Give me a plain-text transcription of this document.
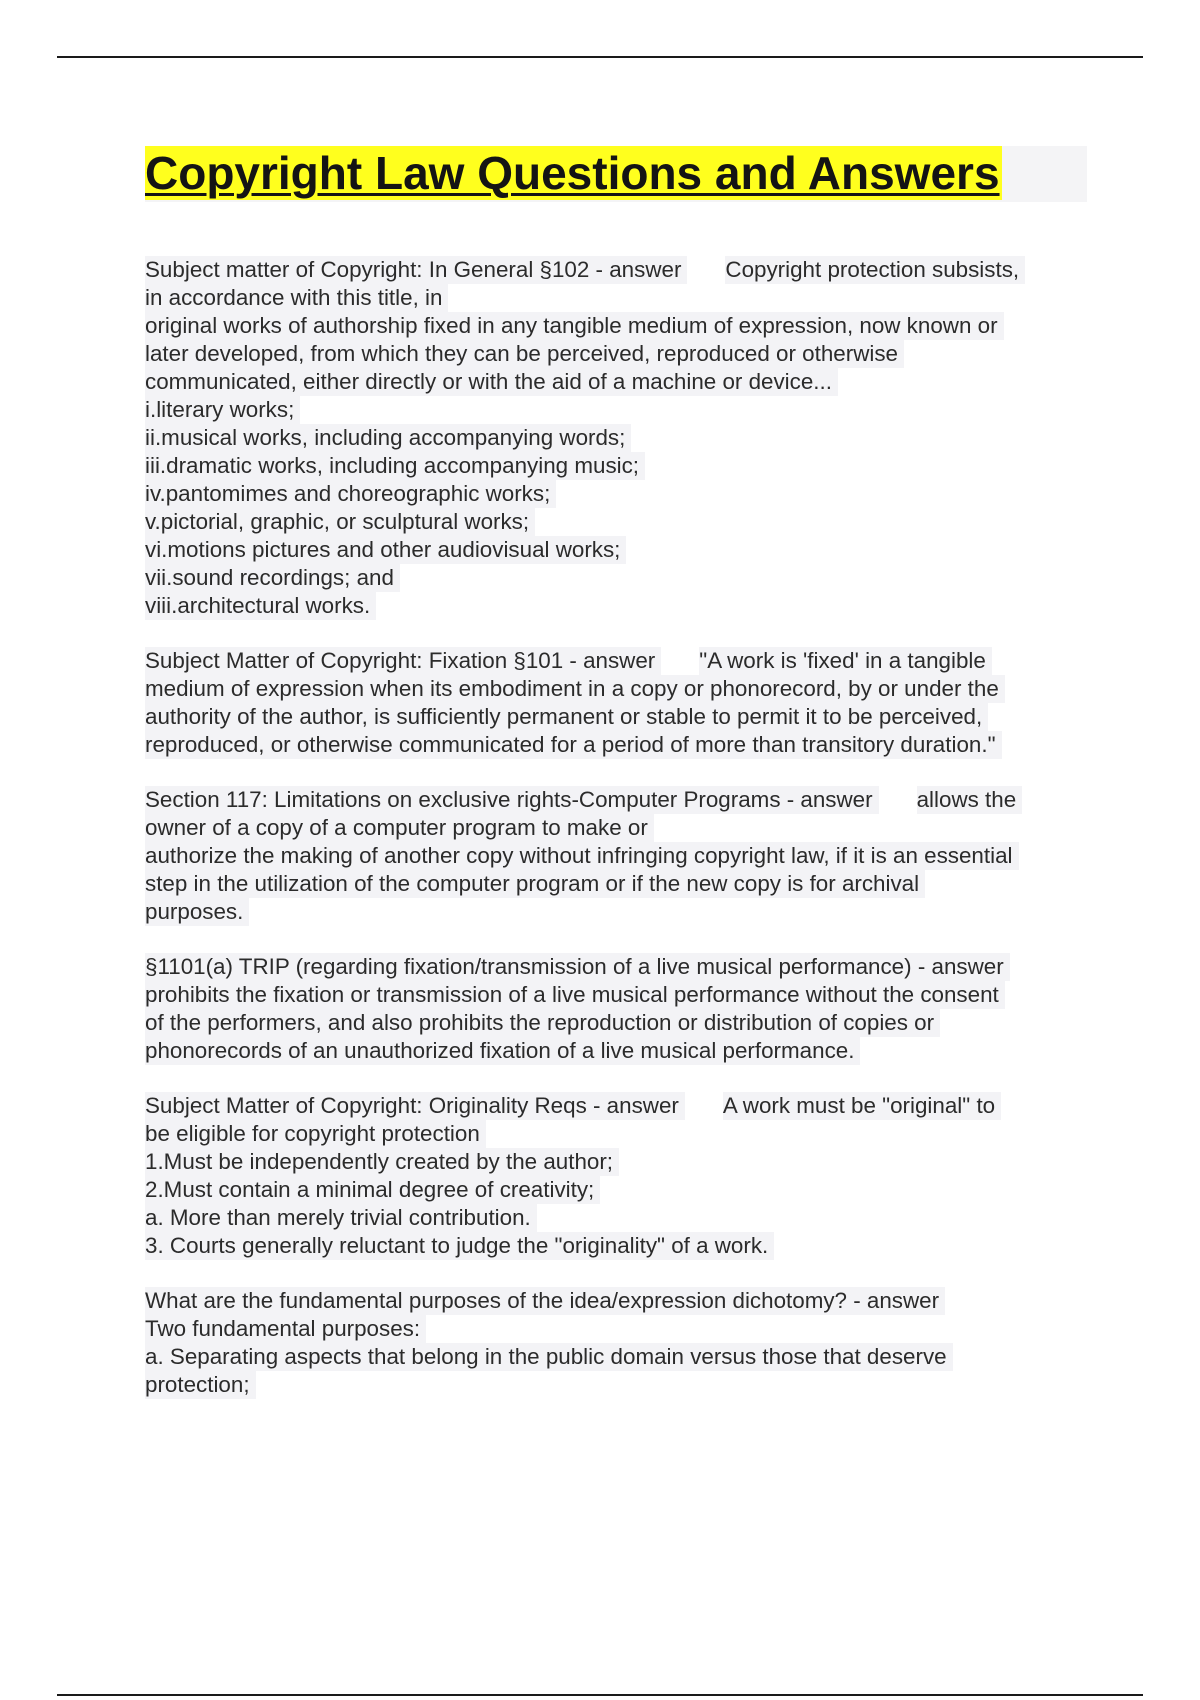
Copyright Law Questions and Answers
Subject matter of Copyright: In General §102 - answer Copyright protection subsists,
in accordance with this title, in
original works of authorship fixed in any tangible medium of expression, now known or
later developed, from which they can be perceived, reproduced or otherwise
communicated, either directly or with the aid of a machine or device...
i.literary works;
ii.musical works, including accompanying words;
iii.dramatic works, including accompanying music;
iv.pantomimes and choreographic works;
v.pictorial, graphic, or sculptural works;
vi.motions pictures and other audiovisual works;
vii.sound recordings; and
viii.architectural works.
Subject Matter of Copyright: Fixation §101 - answer "A work is 'fixed' in a tangible
medium of expression when its embodiment in a copy or phonorecord, by or under the
authority of the author, is sufficiently permanent or stable to permit it to be perceived,
reproduced, or otherwise communicated for a period of more than transitory duration."
Section 117: Limitations on exclusive rights-Computer Programs - answer allows the
owner of a copy of a computer program to make or
authorize the making of another copy without infringing copyright law, if it is an essential
step in the utilization of the computer program or if the new copy is for archival
purposes.
§1101(a) TRIP (regarding fixation/transmission of a live musical performance) - answer
prohibits the fixation or transmission of a live musical performance without the consent
of the performers, and also prohibits the reproduction or distribution of copies or
phonorecords of an unauthorized fixation of a live musical performance.
Subject Matter of Copyright: Originality Reqs - answer A work must be "original" to
be eligible for copyright protection
1.Must be independently created by the author;
2.Must contain a minimal degree of creativity;
a. More than merely trivial contribution.
3. Courts generally reluctant to judge the "originality" of a work.
What are the fundamental purposes of the idea/expression dichotomy? - answer
Two fundamental purposes:
a. Separating aspects that belong in the public domain versus those that deserve
protection;
